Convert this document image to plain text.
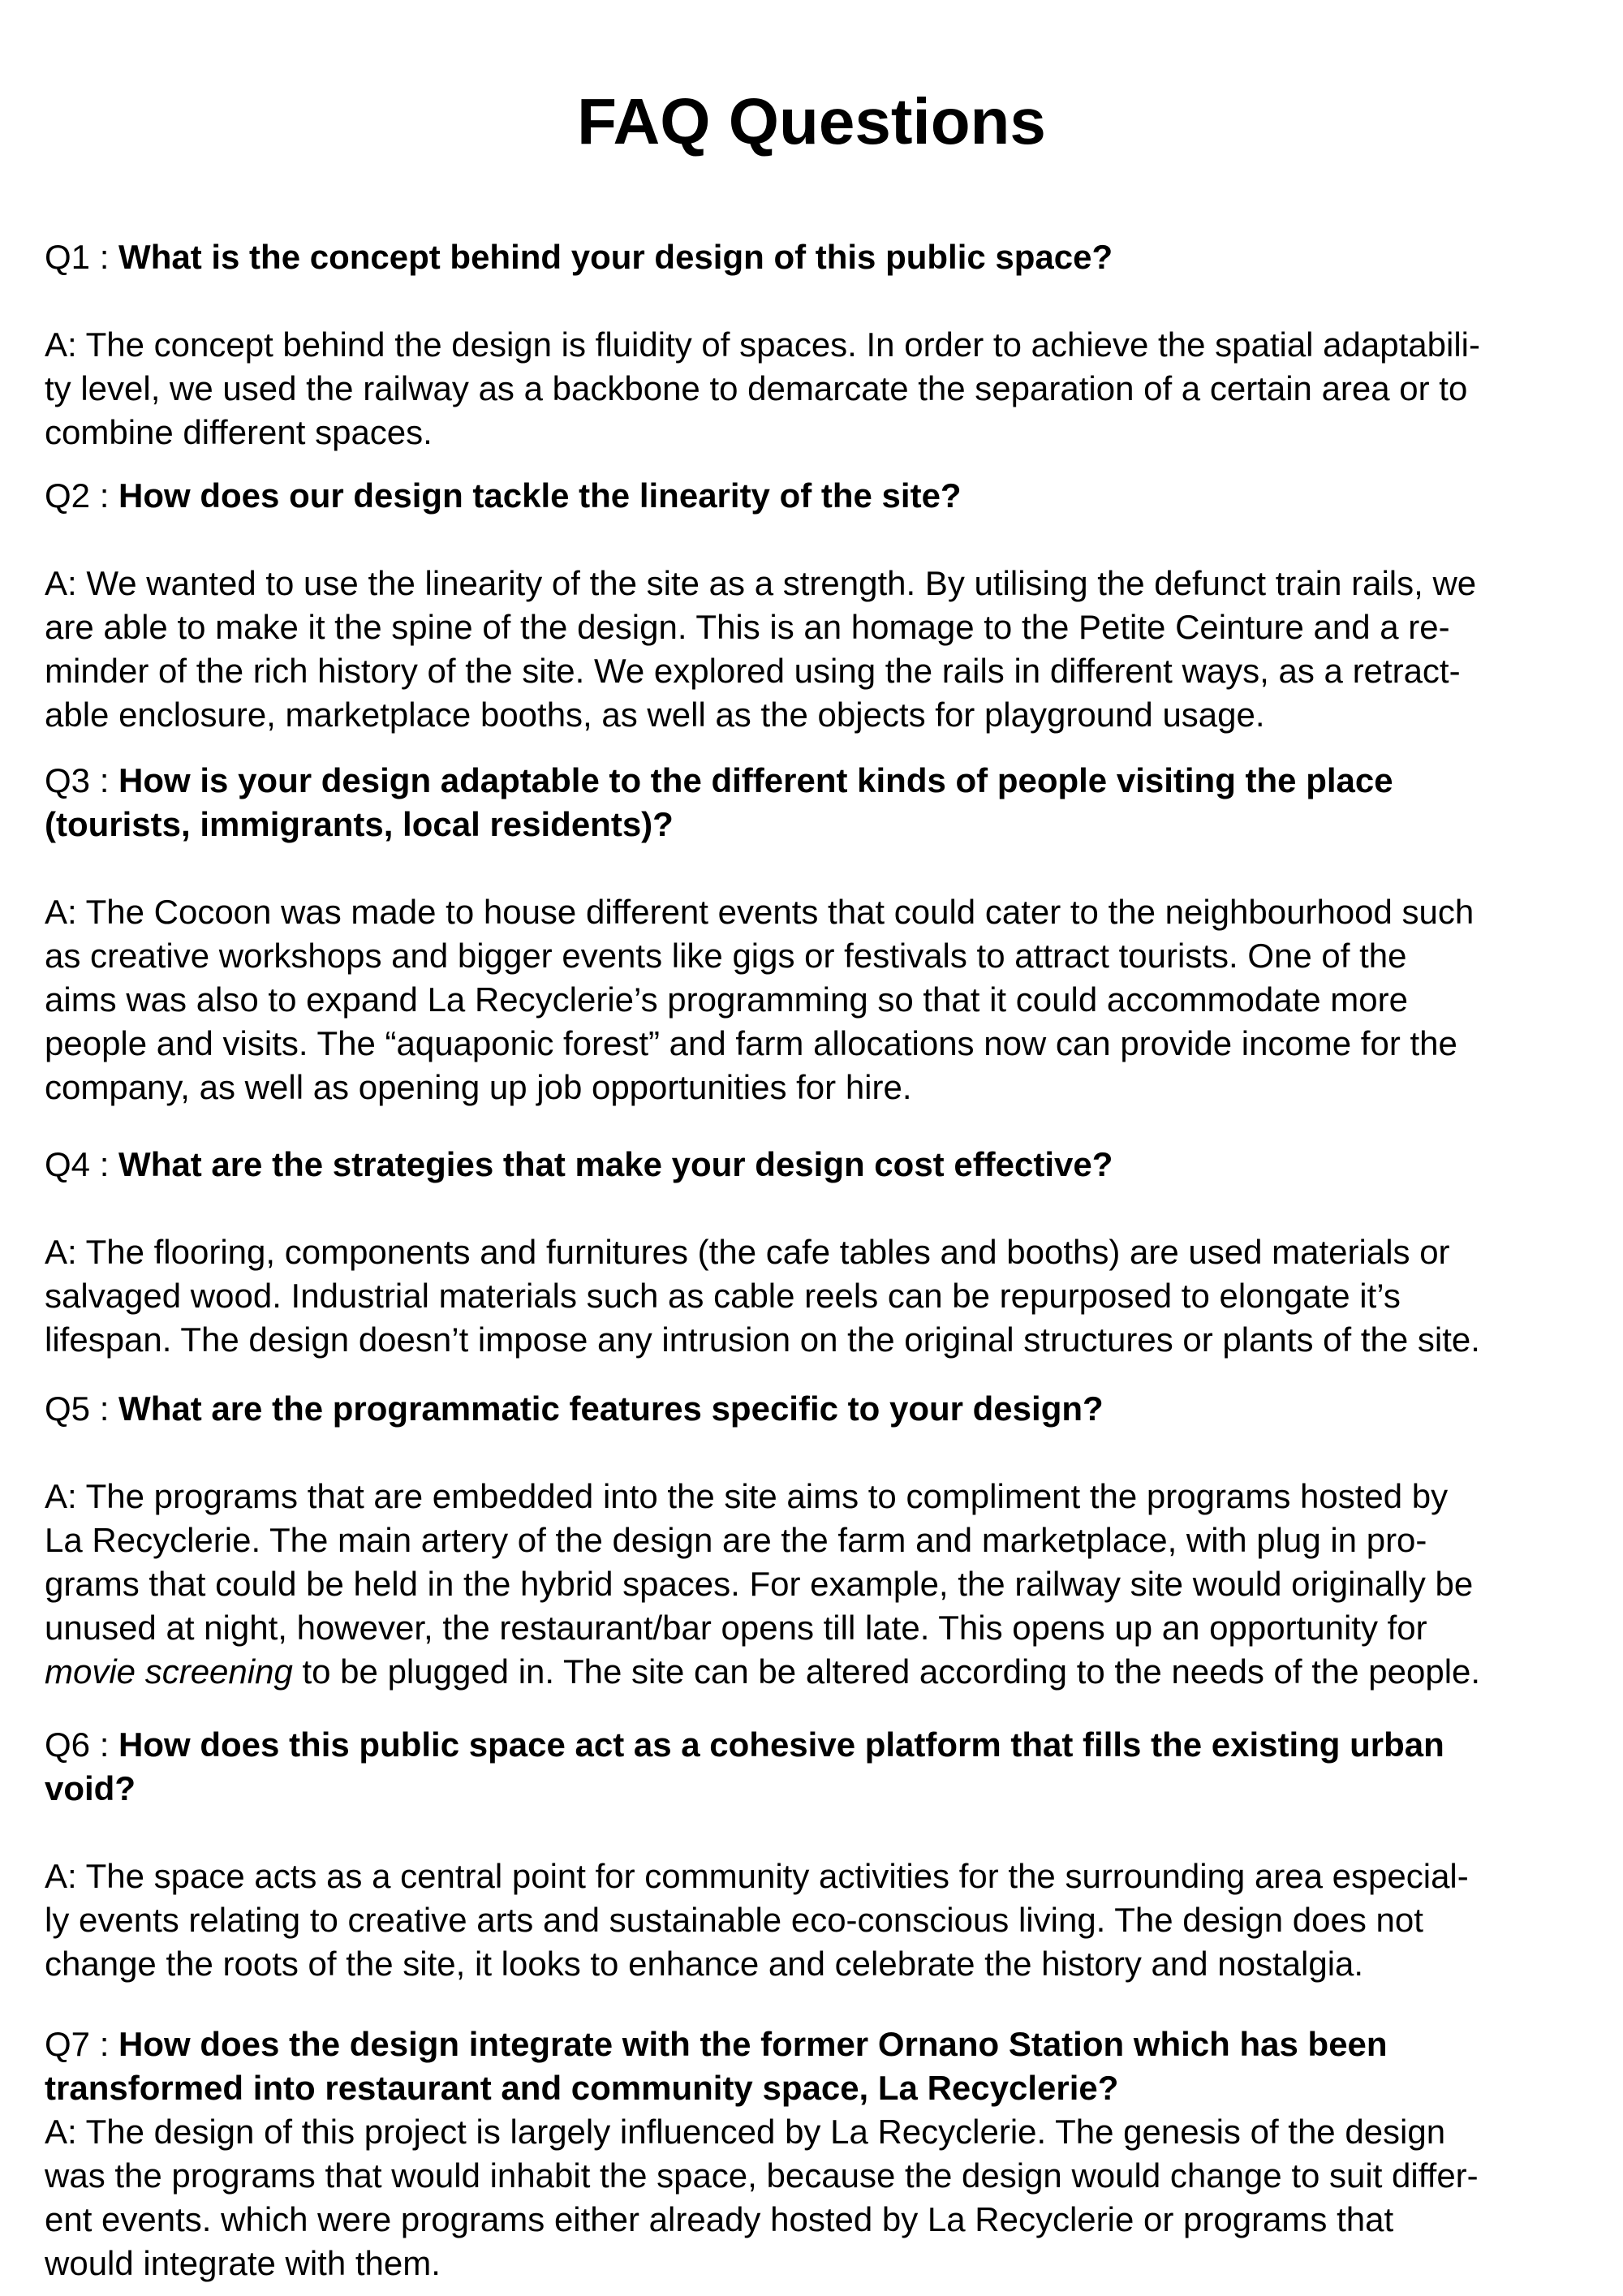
FAQ Questions

Q1 : What is the concept behind your design of this public space?

A: The concept behind the design is fluidity of spaces. In order to achieve the spatial adaptabili-
ty level, we used the railway as a backbone to demarcate the separation of a certain area or to
combine different spaces.

Q2 : How does our design tackle the linearity of the site?

A: We wanted to use the linearity of the site as a strength. By utilising the defunct train rails, we
are able to make it the spine of the design. This is an homage to the Petite Ceinture and a re-
minder of the rich history of the site. We explored using the rails in different ways, as a retract-
able enclosure, marketplace booths, as well as the objects for playground usage.

Q3 : How is your design adaptable to the different kinds of people visiting the place
(tourists, immigrants, local residents)?

A: The Cocoon was made to house different events that could cater to the neighbourhood such
as creative workshops and bigger events like gigs or festivals to attract tourists. One of the
aims was also to expand La Recyclerie’s programming so that it could accommodate more
people and visits. The “aquaponic forest” and farm allocations now can provide income for the
company, as well as opening up job opportunities for hire.

Q4 : What are the strategies that make your design cost effective?

A: The flooring, components and furnitures (the cafe tables and booths) are used materials or
salvaged wood. Industrial materials such as cable reels can be repurposed to elongate it’s
lifespan. The design doesn’t impose any intrusion on the original structures or plants of the site.

Q5 : What are the programmatic features specific to your design?

A: The programs that are embedded into the site aims to compliment the programs hosted by
La Recyclerie. The main artery of the design are the farm and marketplace, with plug in pro-
grams that could be held in the hybrid spaces. For example, the railway site would originally be
unused at night, however, the restaurant/bar opens till late. This opens up an opportunity for
movie screening to be plugged in. The site can be altered according to the needs of the people.

Q6 : How does this public space act as a cohesive platform that fills the existing urban
void?

A: The space acts as a central point for community activities for the surrounding area especial-
ly events relating to creative arts and sustainable eco-conscious living. The design does not
change the roots of the site, it looks to enhance and celebrate the history and nostalgia.

Q7 : How does the design integrate with the former Ornano Station which has been
transformed into restaurant and community space, La Recyclerie?

A: The design of this project is largely influenced by La Recyclerie. The genesis of the design
was the programs that would inhabit the space, because the design would change to suit differ-
ent events. which were programs either already hosted by La Recyclerie or programs that
would integrate with them.
